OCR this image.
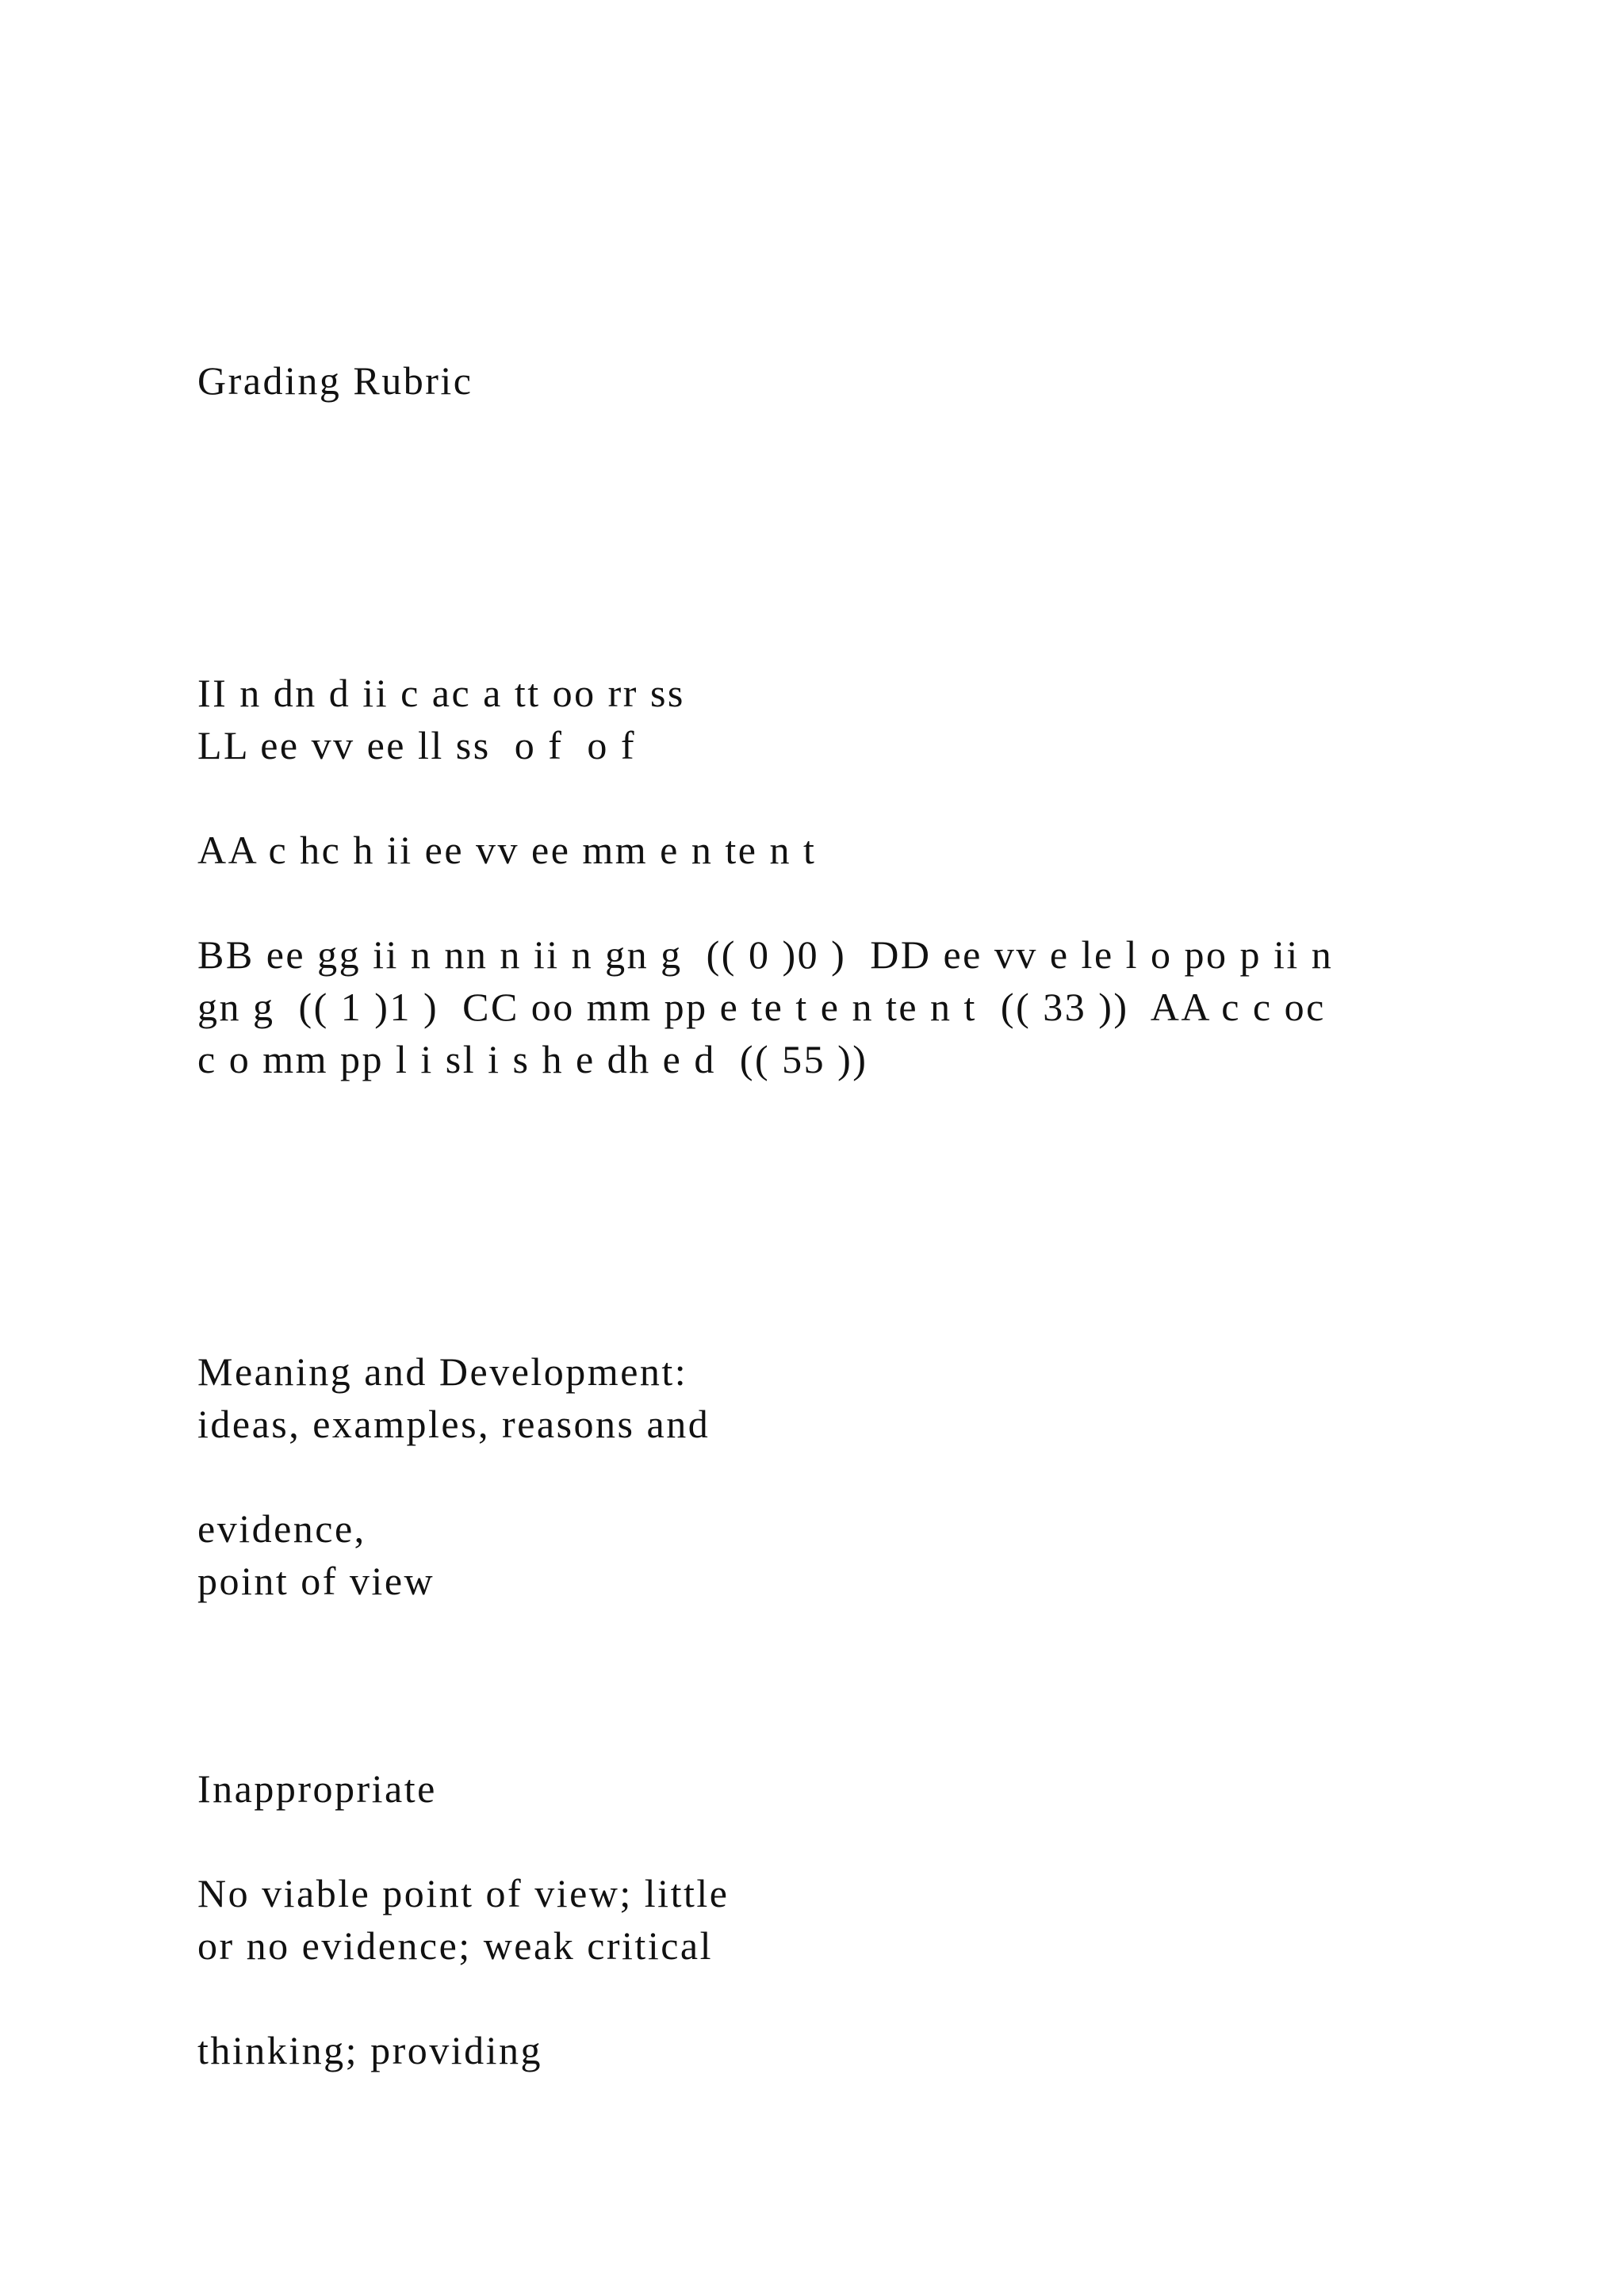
Grading Rubric
II n dn d ii c ac a tt oo rr ss
LL ee vv ee ll ss  o f  o f
AA c hc h ii ee vv ee mm e n te n t
BB ee gg ii n nn n ii n gn g  (( 0 )0 )  DD ee vv e le l o po p ii n
gn g  (( 1 )1 )  CC oo mm pp e te t e n te n t  (( 33 ))  AA c c oc
c o mm pp l i sl i s h e dh e d  (( 55 ))
Meaning and Development:
ideas, examples, reasons and
evidence,
point of view
Inappropriate
No viable point of view; little
or no evidence; weak critical
thinking; providing
